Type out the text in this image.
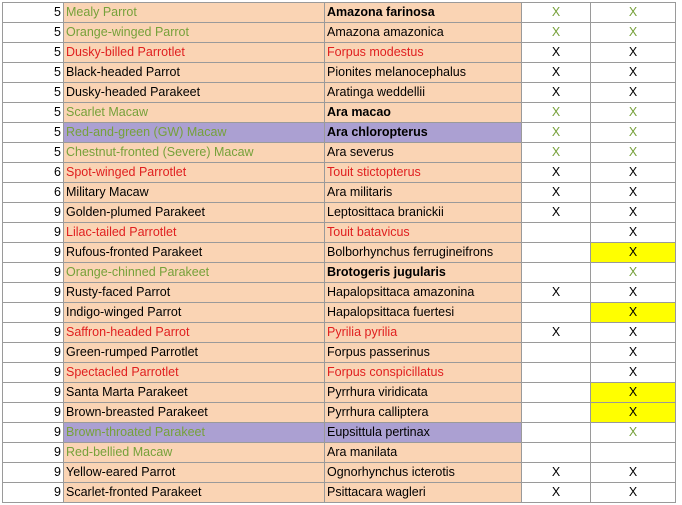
5	Mealy Parrot	Amazona farinosa	X	X
5	Orange-winged Parrot	Amazona amazonica	X	X
5	Dusky-billed Parrotlet	Forpus modestus	X	X
5	Black-headed Parrot	Pionites melanocephalus	X	X
5	Dusky-headed Parakeet	Aratinga weddellii	X	X
5	Scarlet Macaw	Ara macao	X	X
5	Red-and-green (GW) Macaw	Ara chloropterus	X	X
5	Chestnut-fronted (Severe) Macaw	Ara severus	X	X
6	Spot-winged Parrotlet	Touit stictopterus	X	X
6	Military Macaw	Ara militaris	X	X
9	Golden-plumed Parakeet	Leptosittaca branickii	X	X
9	Lilac-tailed Parrotlet	Touit batavicus		X
9	Rufous-fronted Parakeet	Bolborhynchus ferrugineifrons		X
9	Orange-chinned Parakeet	Brotogeris jugularis		X
9	Rusty-faced Parrot	Hapalopsittaca amazonina	X	X
9	Indigo-winged Parrot	Hapalopsittaca fuertesi		X
9	Saffron-headed Parrot	Pyrilia pyrilia	X	X
9	Green-rumped Parrotlet	Forpus passerinus		X
9	Spectacled Parrotlet	Forpus conspicillatus		X
9	Santa Marta Parakeet	Pyrrhura viridicata		X
9	Brown-breasted Parakeet	Pyrrhura calliptera		X
9	Brown-throated Parakeet	Eupsittula pertinax		X
9	Red-bellied Macaw	Ara manilata		
9	Yellow-eared Parrot	Ognorhynchus icterotis	X	X
9	Scarlet-fronted Parakeet	Psittacara wagleri	X	X
